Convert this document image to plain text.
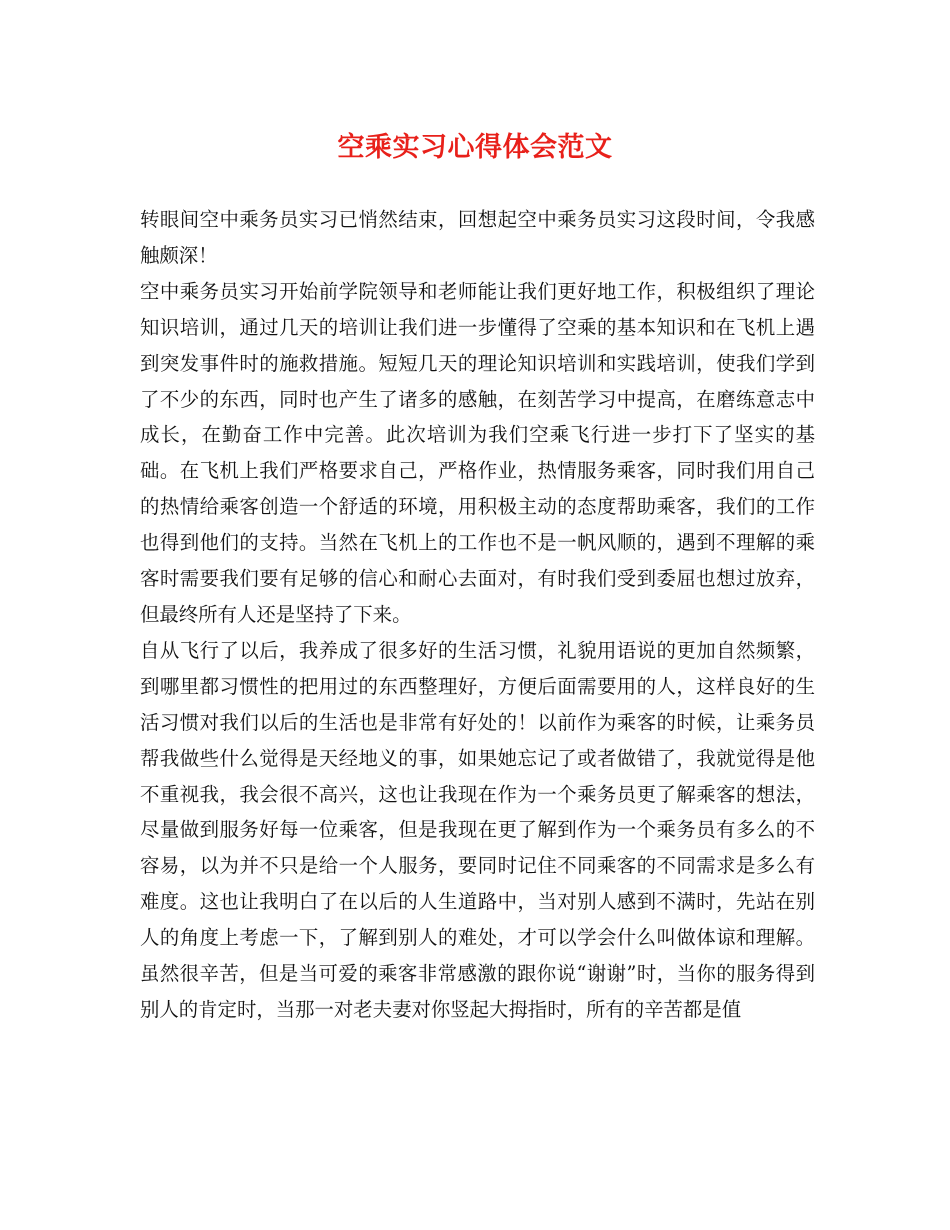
空乘实习心得体会范文

转眼间空中乘务员实习已悄然结束，回想起空中乘务员实习这段时间，令我感触颇深！

空中乘务员实习开始前学院领导和老师能让我们更好地工作，积极组织了理论知识培训，通过几天的培训让我们进一步懂得了空乘的基本知识和在飞机上遇到突发事件时的施救措施。短短几天的理论知识培训和实践培训，使我们学到了不少的东西，同时也产生了诸多的感触，在刻苦学习中提高，在磨练意志中成长，在勤奋工作中完善。此次培训为我们空乘飞行进一步打下了坚实的基础。在飞机上我们严格要求自己，严格作业，热情服务乘客，同时我们用自己的热情给乘客创造一个舒适的环境，用积极主动的态度帮助乘客，我们的工作也得到他们的支持。当然在飞机上的工作也不是一帆风顺的，遇到不理解的乘客时需要我们要有足够的信心和耐心去面对，有时我们受到委屈也想过放弃，但最终所有人还是坚持了下来。

自从飞行了以后，我养成了很多好的生活习惯，礼貌用语说的更加自然频繁，到哪里都习惯性的把用过的东西整理好，方便后面需要用的人，这样良好的生活习惯对我们以后的生活也是非常有好处的！以前作为乘客的时候，让乘务员帮我做些什么觉得是天经地义的事，如果她忘记了或者做错了，我就觉得是他不重视我，我会很不高兴，这也让我现在作为一个乘务员更了解乘客的想法，尽量做到服务好每一位乘客，但是我现在更了解到作为一个乘务员有多么的不容易，以为并不只是给一个人服务，要同时记住不同乘客的不同需求是多么有难度。这也让我明白了在以后的人生道路中，当对别人感到不满时，先站在别人的角度上考虑一下，了解到别人的难处，才可以学会什么叫做体谅和理解。虽然很辛苦，但是当可爱的乘客非常感激的跟你说“谢谢”时，当你的服务得到别人的肯定时，当那一对老夫妻对你竖起大拇指时，所有的辛苦都是值
